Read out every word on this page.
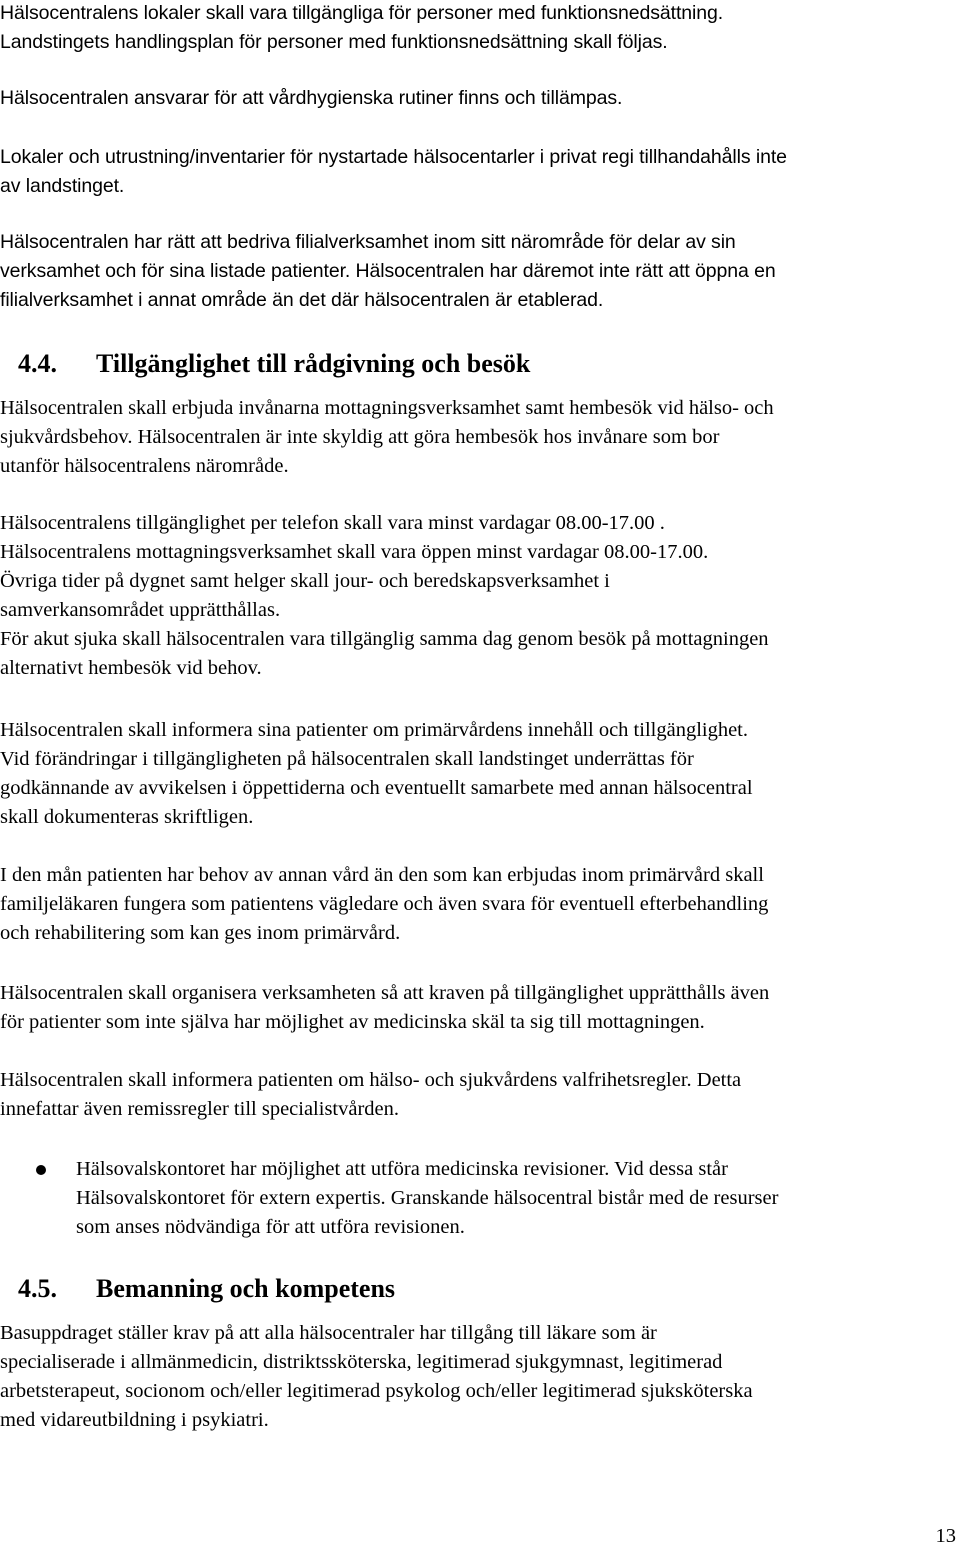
Hälsocentralens lokaler skall vara tillgängliga för personer med funktionsnedsättning.
Landstingets handlingsplan för personer med funktionsnedsättning skall följas.

Hälsocentralen ansvarar för att vårdhygienska rutiner finns och tillämpas.

Lokaler och utrustning/inventarier för nystartade hälsocentarler i privat regi tillhandahålls inte
av landstinget.

Hälsocentralen har rätt att bedriva filialverksamhet inom sitt närområde för delar av sin
verksamhet och för sina listade patienter. Hälsocentralen har däremot inte rätt att öppna en
filialverksamhet i annat område än det där hälsocentralen är etablerad.

4.4. Tillgänglighet till rådgivning och besök

Hälsocentralen skall erbjuda invånarna mottagningsverksamhet samt hembesök vid hälso- och
sjukvårdsbehov. Hälsocentralen är inte skyldig att göra hembesök hos invånare som bor
utanför hälsocentralens närområde.

Hälsocentralens tillgänglighet per telefon skall vara minst vardagar 08.00-17.00 .
Hälsocentralens mottagningsverksamhet skall vara öppen minst vardagar 08.00-17.00.
Övriga tider på dygnet samt helger skall jour- och beredskapsverksamhet i
samverkansområdet upprätthållas.
För akut sjuka skall hälsocentralen vara tillgänglig samma dag genom besök på mottagningen
alternativt hembesök vid behov.

Hälsocentralen skall informera sina patienter om primärvårdens innehåll och tillgänglighet.
Vid förändringar i tillgängligheten på hälsocentralen skall landstinget underrättas för
godkännande av avvikelsen i öppettiderna och eventuellt samarbete med annan hälsocentral
skall dokumenteras skriftligen.

I den mån patienten har behov av annan vård än den som kan erbjudas inom primärvård skall
familjeläkaren fungera som patientens vägledare och även svara för eventuell efterbehandling
och rehabilitering som kan ges inom primärvård.

Hälsocentralen skall organisera verksamheten så att kraven på tillgänglighet upprätthålls även
för patienter som inte själva har möjlighet av medicinska skäl ta sig till mottagningen.

Hälsocentralen skall informera patienten om hälso- och sjukvårdens valfrihetsregler. Detta
innefattar även remissregler till specialistvården.

Hälsovalskontoret har möjlighet att utföra medicinska revisioner. Vid dessa står
Hälsovalskontoret för extern expertis. Granskande hälsocentral bistår med de resurser
som anses nödvändiga för att utföra revisionen.

4.5. Bemanning och kompetens

Basuppdraget ställer krav på att alla hälsocentraler har tillgång till läkare som är
specialiserade i allmänmedicin, distriktssköterska, legitimerad sjukgymnast, legitimerad
arbetsterapeut, socionom och/eller legitimerad psykolog och/eller legitimerad sjuksköterska
med vidareutbildning i psykiatri.

13
